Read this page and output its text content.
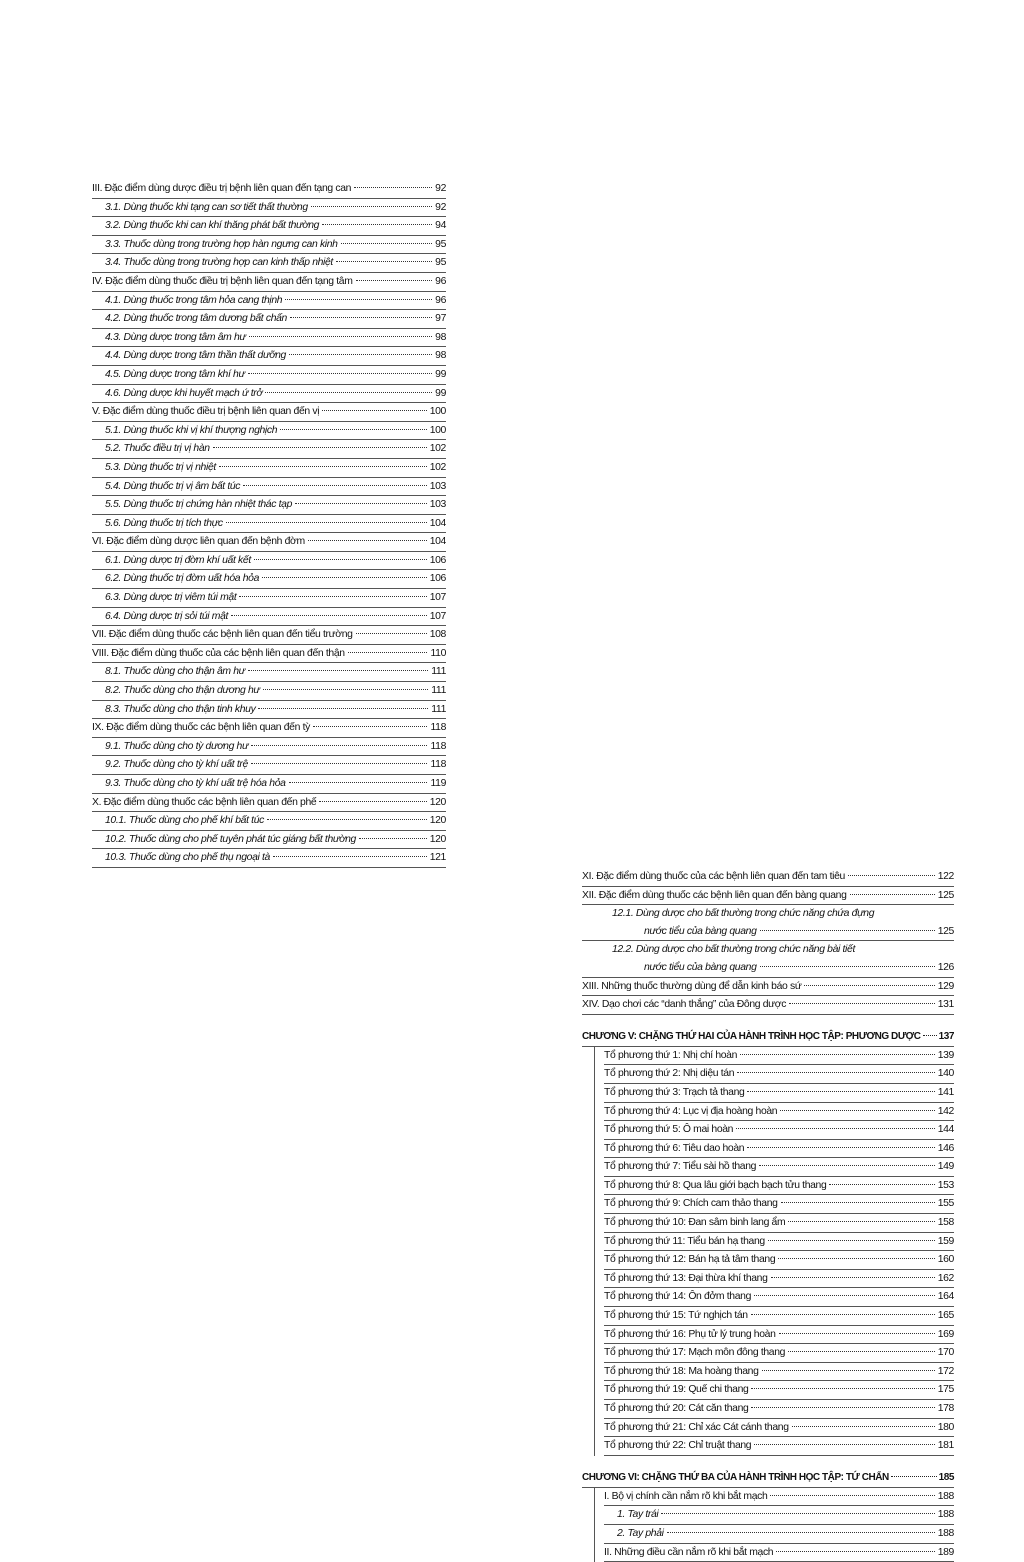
III. Đặc điểm dùng dược điều trị bệnh liên quan đến tạng can	92
3.1. Dùng thuốc khi tạng can sơ tiết thất thường	92
3.2. Dùng thuốc khi can khí thăng phát bất thường	94
3.3. Thuốc dùng trong trường hợp hàn ngưng can kinh	95
3.4. Thuốc dùng trong trường hợp can kinh thấp nhiệt	95
IV. Đặc điểm dùng thuốc điều trị bệnh liên quan đến tạng tâm	96
4.1. Dùng thuốc trong tâm hỏa cang thịnh	96
4.2. Dùng thuốc trong tâm dương bất chấn	97
4.3. Dùng dược trong tâm âm hư	98
4.4. Dùng dược trong tâm thần thất dưỡng	98
4.5. Dùng dược trong tâm khí hư	99
4.6. Dùng dược khi huyết mạch ứ trở	99
V. Đặc điểm dùng thuốc điều trị bệnh liên quan đến vị	100
5.1. Dùng thuốc khi vị khí thượng nghịch	100
5.2. Thuốc điều trị vị hàn	102
5.3. Dùng thuốc trị vị nhiệt	102
5.4. Dùng thuốc trị vị âm bất túc	103
5.5. Dùng thuốc trị chứng hàn nhiệt thác tạp	103
5.6. Dùng thuốc trị tích thực	104
VI. Đặc điểm dùng dược liên quan đến bệnh đờm	104
6.1. Dùng dược trị đờm khí uất kết	106
6.2. Dùng thuốc trị đờm uất hóa hỏa	106
6.3. Dùng dược trị viêm túi mật	107
6.4. Dùng dược trị sỏi túi mật	107
VII. Đặc điểm dùng thuốc các bệnh liên quan đến tiểu trường	108
VIII. Đặc điểm dùng thuốc của các bệnh liên quan đến thận	110
8.1. Thuốc dùng cho thận âm hư	111
8.2. Thuốc dùng cho thận dương hư	111
8.3. Thuốc dùng cho thận tinh khuy	111
IX. Đặc điểm dùng thuốc các bệnh liên quan đến tỳ	118
9.1. Thuốc dùng cho tỳ dương hư	118
9.2. Thuốc dùng cho tỳ khí uất trệ	118
9.3. Thuốc dùng cho tỳ khí uất trệ hóa hỏa	119
X. Đặc điểm dùng thuốc các bệnh liên quan đến phế	120
10.1. Thuốc dùng cho phế khí bất túc	120
10.2. Thuốc dùng cho phế tuyên phát túc giáng bất thường	120
10.3. Thuốc dùng cho phế thụ ngoại tà	121
XI. Đặc điểm dùng thuốc của các bệnh liên quan đến tam tiêu	122
XII. Đặc điểm dùng thuốc các bệnh liên quan đến bàng quang	125
12.1. Dùng dược cho bất thường trong chức năng chứa đựng
nước tiểu của bàng quang	125
12.2. Dùng dược cho bất thường trong chức năng bài tiết
nước tiểu của bàng quang	126
XIII. Những thuốc thường dùng để dẫn kinh báo sứ	129
XIV. Dạo chơi các “danh thắng” của Đông dược	131
CHƯƠNG V: CHẶNG THỨ HAI CỦA HÀNH TRÌNH HỌC TẬP: PHƯƠNG DƯỢC 137
Tổ phương thứ 1: Nhị chí hoàn	139
Tổ phương thứ 2: Nhị diệu tán	140
Tổ phương thứ 3: Trạch tả thang	141
Tổ phương thứ 4: Lục vị địa hoàng hoàn	142
Tổ phương thứ 5: Ô mai hoàn	144
Tổ phương thứ 6: Tiêu dao hoàn	146
Tổ phương thứ 7: Tiểu sài hồ thang	149
Tổ phương thứ 8: Qua lâu giới bạch bạch tửu thang	153
Tổ phương thứ 9: Chích cam thảo thang	155
Tổ phương thứ 10: Đan sâm binh lang ẩm	158
Tổ phương thứ 11: Tiểu bán hạ thang	159
Tổ phương thứ 12: Bán hạ tả tâm thang	160
Tổ phương thứ 13: Đại thừa khí thang	162
Tổ phương thứ 14: Ôn đởm thang	164
Tổ phương thứ 15: Tứ nghịch tán	165
Tổ phương thứ 16: Phụ tử lý trung hoàn	169
Tổ phương thứ 17: Mạch môn đông thang	170
Tổ phương thứ 18: Ma hoàng thang	172
Tổ phương thứ 19: Quế chi thang	175
Tổ phương thứ 20: Cát căn thang	178
Tổ phương thứ 21: Chỉ xác Cát cánh thang	180
Tổ phương thứ 22: Chỉ truật thang	181
CHƯƠNG VI: CHẶNG THỨ BA CỦA HÀNH TRÌNH HỌC TẬP: TỨ CHẨN	185
I. Bộ vị chính cần nắm rõ khi bắt mạch	188
1. Tay trái	188
2. Tay phải	188
II. Những điều cần nắm rõ khi bắt mạch	189
